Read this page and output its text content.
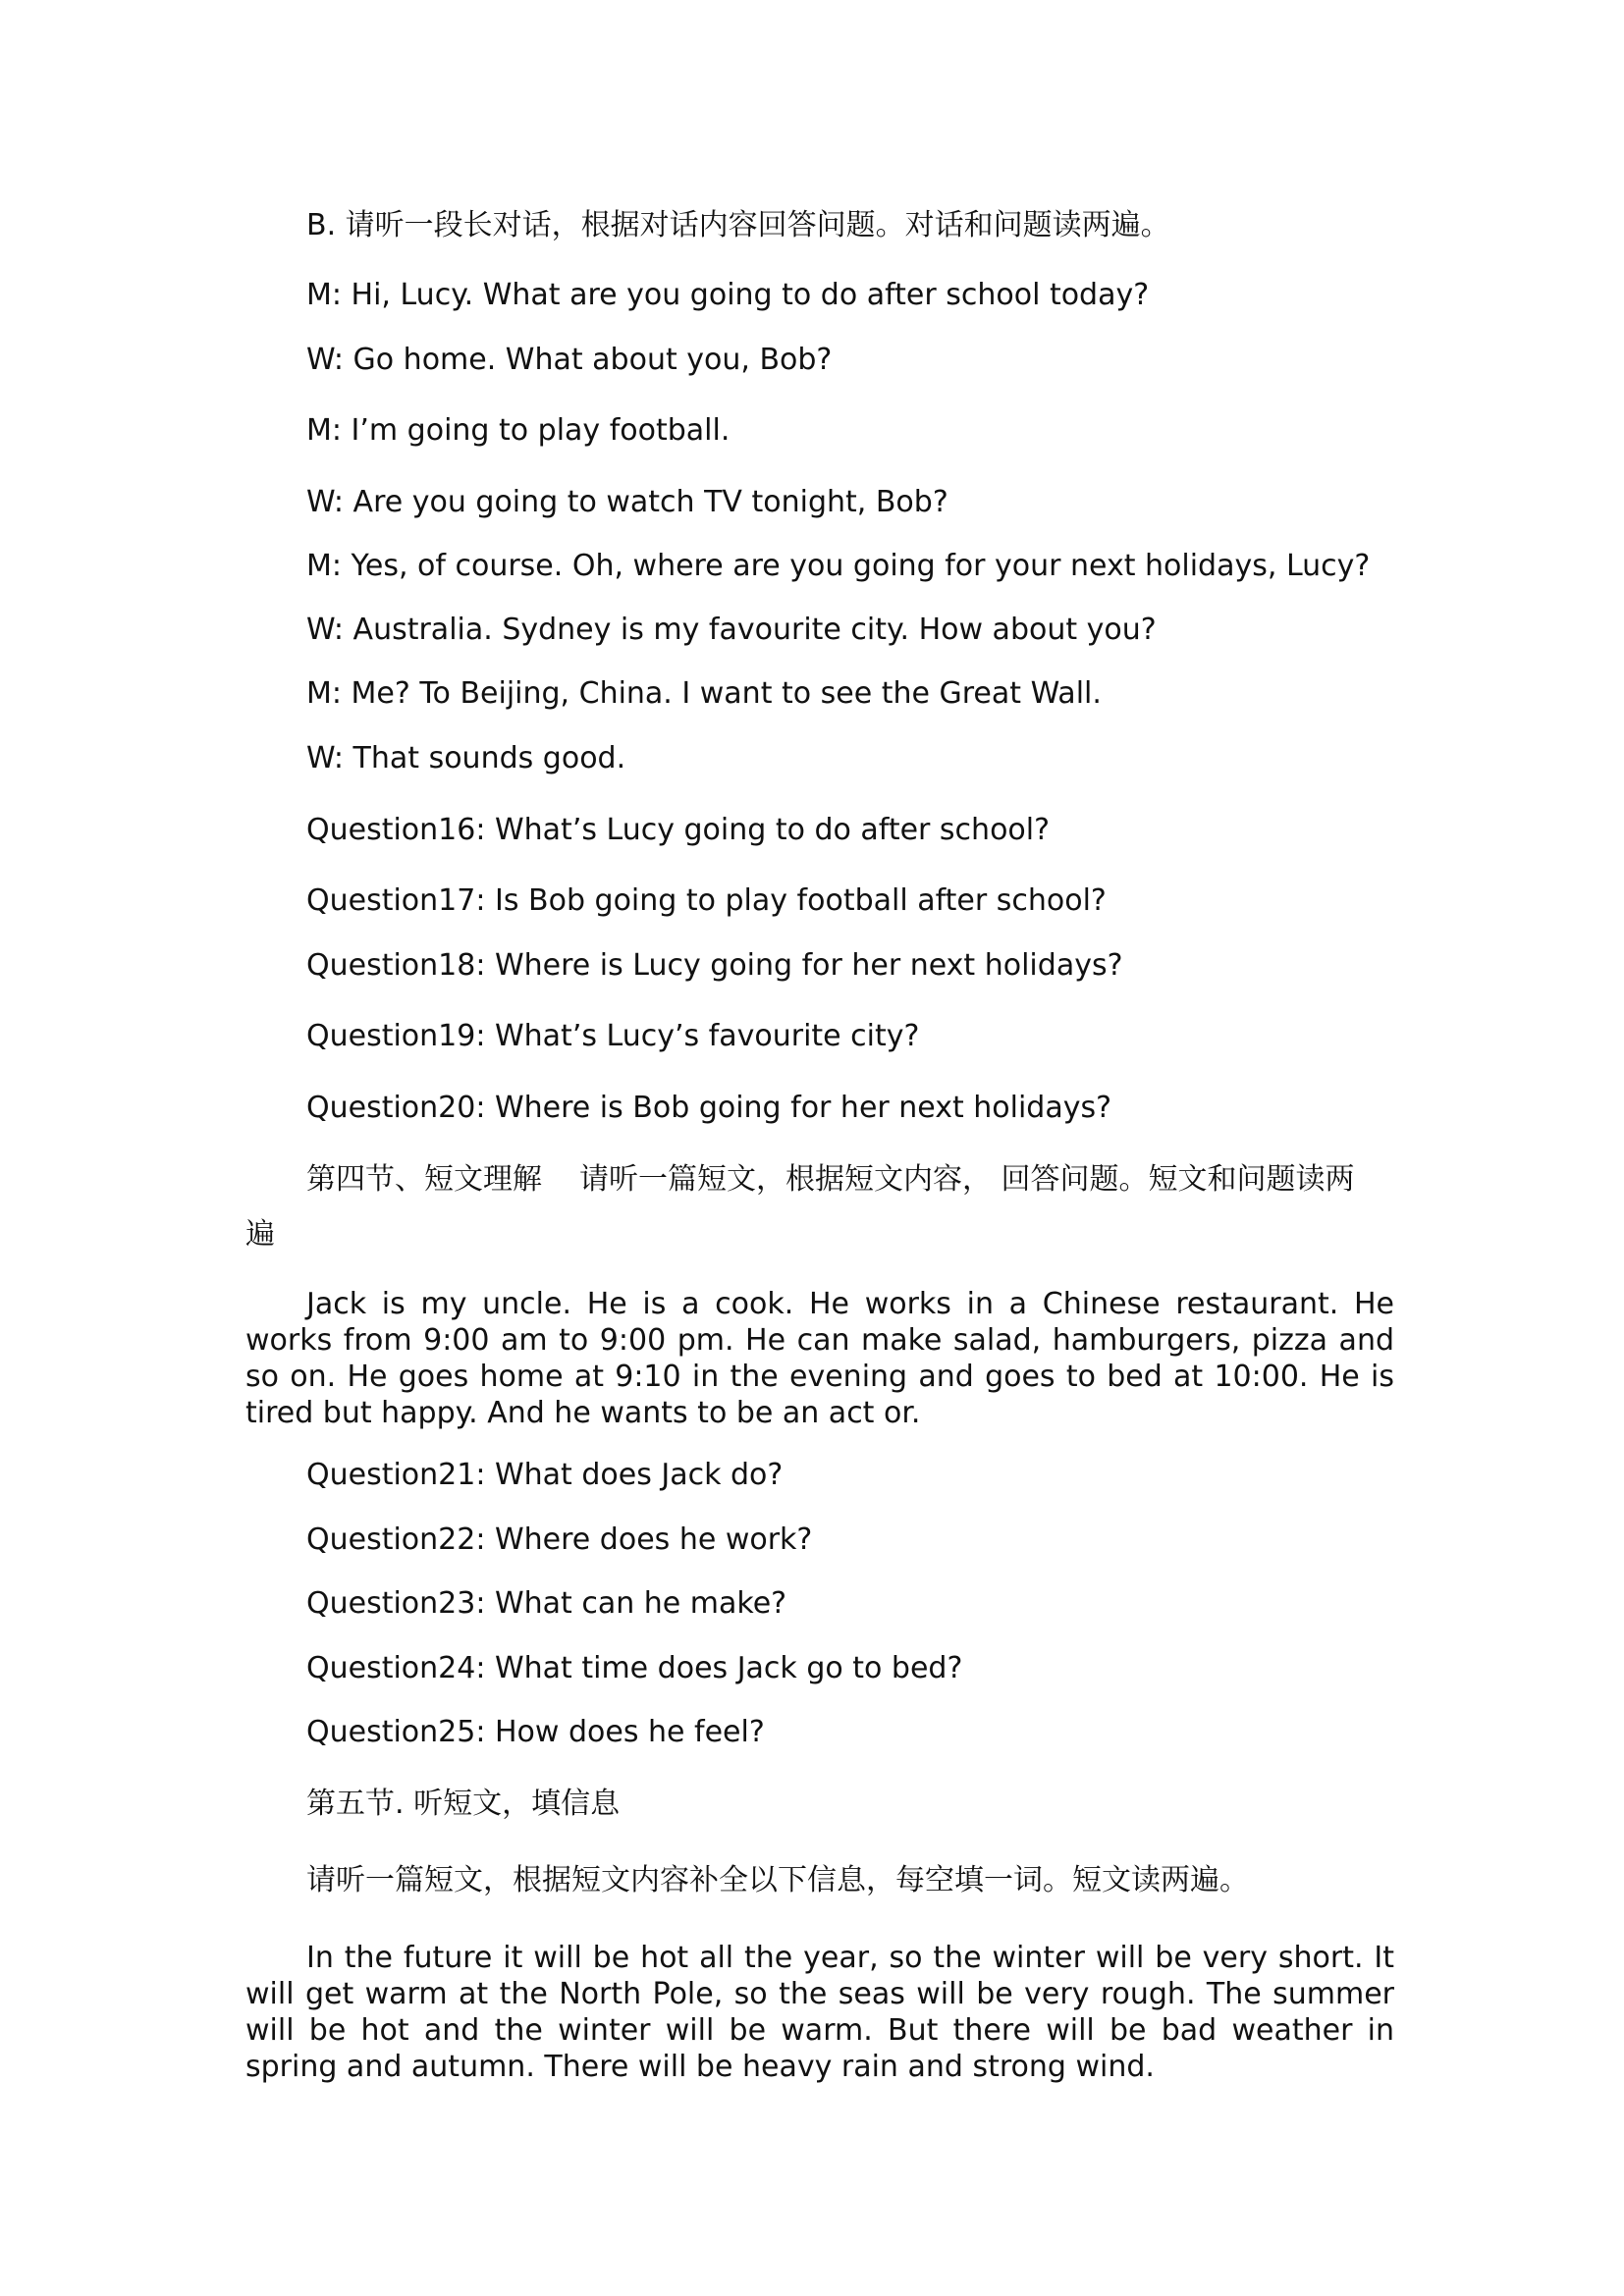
B. 请听一段长对话，根据对话内容回答问题。对话和问题读两遍。
M: Hi, Lucy. What are you going to do after school today?
W: Go home. What about you, Bob?
M: I’m going to play football.
W: Are you going to watch TV tonight, Bob?
M: Yes, of course. Oh, where are you going for your next holidays, Lucy?
W: Australia. Sydney is my favourite city. How about you?
M: Me? To Beijing, China. I want to see the Great Wall.
W: That sounds good.
Question16: What’s Lucy going to do after school?
Question17: Is Bob going to play football after school?
Question18: Where is Lucy going for her next holidays?
Question19: What’s Lucy’s favourite city?
Question20: Where is Bob going for her next holidays?
第四节、短文理解 请听一篇短文，根据短文内容， 回答问题。短文和问题读两
遍
Jack is my uncle. He is a cook. He works in a Chinese restaurant. He works from 9:00 am to 9:00 pm. He can make salad, hamburgers, pizza and so on. He goes home at 9:10 in the evening and goes to bed at 10:00. He is tired but happy. And he wants to be an act or.
Question21: What does Jack do?
Question22: Where does he work?
Question23: What can he make?
Question24: What time does Jack go to bed?
Question25: How does he feel?
第五节. 听短文，填信息
请听一篇短文，根据短文内容补全以下信息，每空填一词。短文读两遍。
In the future it will be hot all the year, so the winter will be very short. It will get warm at the North Pole, so the seas will be very rough. The summer will be hot and the winter will be warm. But there will be bad weather in spring and autumn. There will be heavy rain and strong wind.
